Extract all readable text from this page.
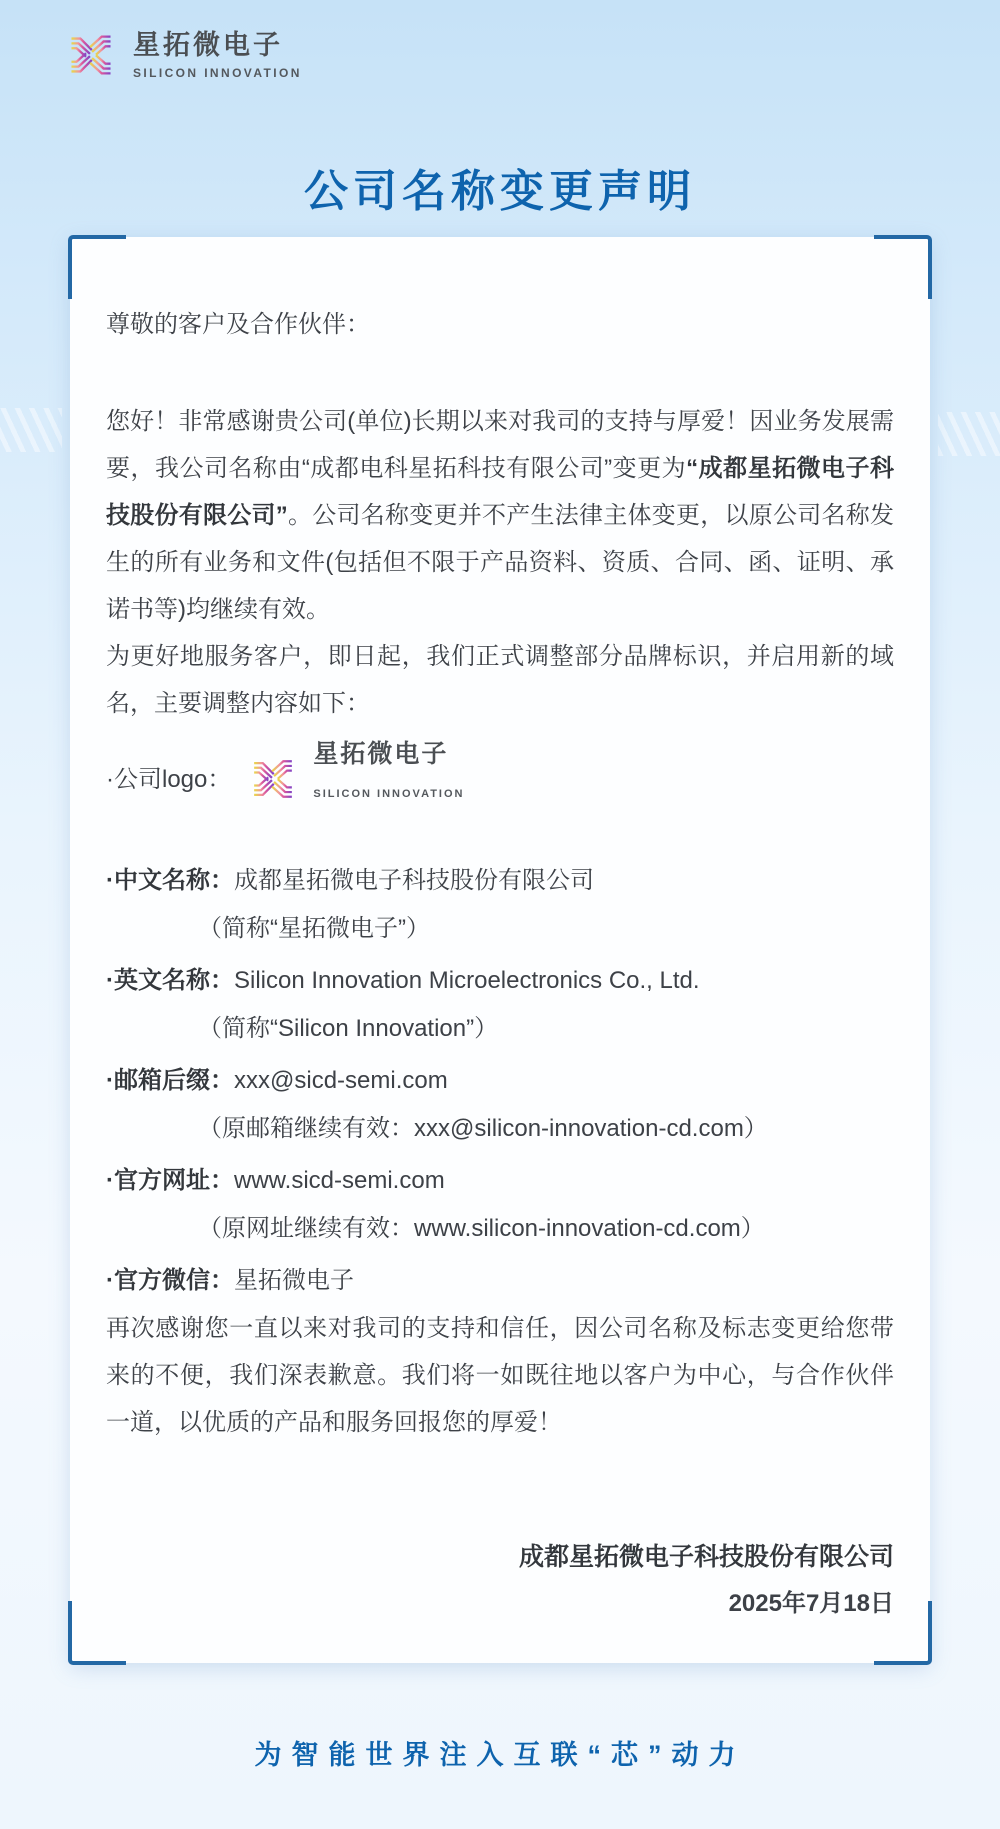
星拓微电子
SILICON INNOVATION
公司名称变更声明

尊敬的客户及合作伙伴：

您好！非常感谢贵公司(单位)长期以来对我司的支持与厚爱！因业务发展需要，我公司名称由“成都电科星拓科技有限公司”变更为“成都星拓微电子科技股份有限公司”。公司名称变更并不产生法律主体变更，以原公司名称发生的所有业务和文件(包括但不限于产品资料、资质、合同、函、证明、承诺书等)均继续有效。

为更好地服务客户，即日起，我们正式调整部分品牌标识，并启用新的域名，主要调整内容如下：

·公司logo：
星拓微电子
SILICON INNOVATION
·中文名称：成都星拓微电子科技股份有限公司
（简称“星拓微电子”）
·英文名称：Silicon Innovation Microelectronics Co., Ltd.
（简称“Silicon Innovation”）
·邮箱后缀：xxx@sicd-semi.com
（原邮箱继续有效：xxx@silicon-innovation-cd.com）
·官方网址：www.sicd-semi.com
（原网址继续有效：www.silicon-innovation-cd.com）
·官方微信：星拓微电子

再次感谢您一直以来对我司的支持和信任，因公司名称及标志变更给您带来的不便，我们深表歉意。我们将一如既往地以客户为中心，与合作伙伴一道，以优质的产品和服务回报您的厚爱！

成都星拓微电子科技股份有限公司
2025年7月18日
为智能世界注入互联“芯”动力
